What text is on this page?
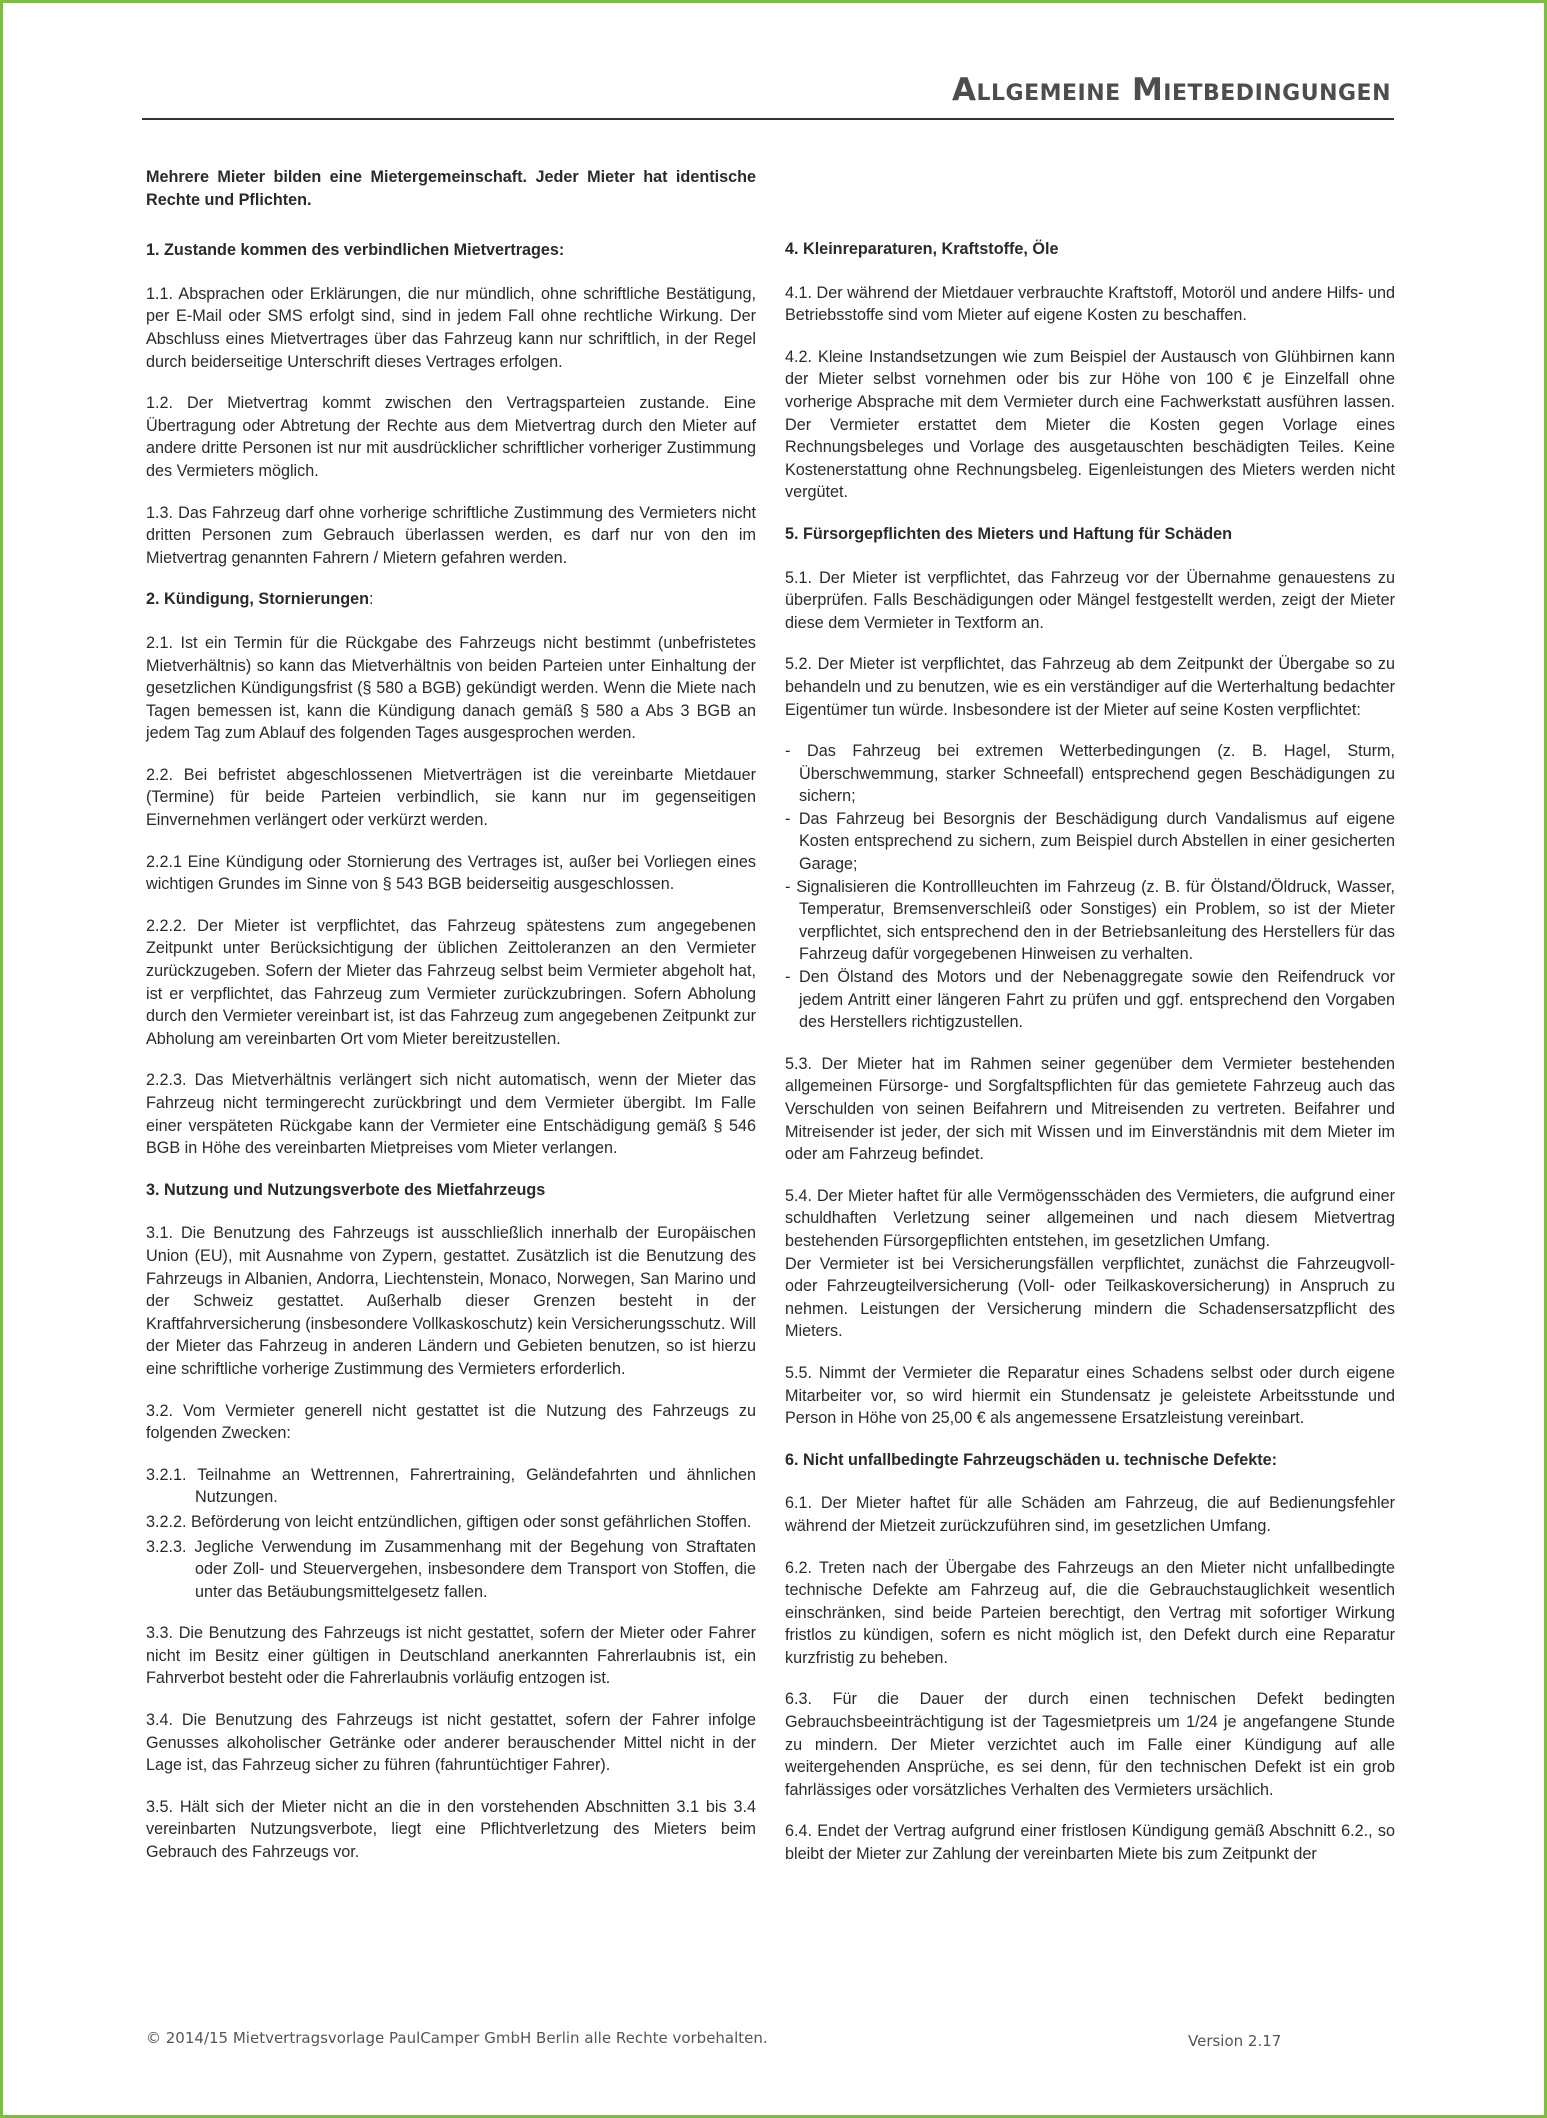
Allgemeine Mietbedingungen

Mehrere Mieter bilden eine Mietergemeinschaft. Jeder Mieter hat identische Rechte und Pflichten.

1. Zustande kommen des verbindlichen Mietvertrages:

1.1. Absprachen oder Erklärungen, die nur mündlich, ohne schriftliche Bestätigung, per E-Mail oder SMS erfolgt sind, sind in jedem Fall ohne rechtliche Wirkung. Der Abschluss eines Mietvertrages über das Fahrzeug kann nur schriftlich, in der Regel durch beiderseitige Unterschrift dieses Vertrages erfolgen.

1.2. Der Mietvertrag kommt zwischen den Vertragsparteien zustande. Eine Übertragung oder Abtretung der Rechte aus dem Mietvertrag durch den Mieter auf andere dritte Personen ist nur mit ausdrücklicher schriftlicher vorheriger Zustimmung des Vermieters möglich.

1.3. Das Fahrzeug darf ohne vorherige schriftliche Zustimmung des Vermieters nicht dritten Personen zum Gebrauch überlassen werden, es darf nur von den im Mietvertrag genannten Fahrern / Mietern gefahren werden.

2. Kündigung, Stornierungen:

2.1. Ist ein Termin für die Rückgabe des Fahrzeugs nicht bestimmt (unbefristetes Mietverhältnis) so kann das Mietverhältnis von beiden Parteien unter Einhaltung der gesetzlichen Kündigungsfrist (§ 580 a BGB) gekündigt werden. Wenn die Miete nach Tagen bemessen ist, kann die Kündigung danach gemäß § 580 a Abs 3 BGB an jedem Tag zum Ablauf des folgenden Tages ausgesprochen werden.

2.2. Bei befristet abgeschlossenen Mietverträgen ist die vereinbarte Mietdauer (Termine) für beide Parteien verbindlich, sie kann nur im gegenseitigen Einvernehmen verlängert oder verkürzt werden.

2.2.1 Eine Kündigung oder Stornierung des Vertrages ist, außer bei Vorliegen eines wichtigen Grundes im Sinne von § 543 BGB beiderseitig ausgeschlossen.

2.2.2. Der Mieter ist verpflichtet, das Fahrzeug spätestens zum angegebenen Zeitpunkt unter Berücksichtigung der üblichen Zeittoleranzen an den Vermieter zurückzugeben. Sofern der Mieter das Fahrzeug selbst beim Vermieter abgeholt hat, ist er verpflichtet, das Fahrzeug zum Vermieter zurückzubringen. Sofern Abholung durch den Vermieter vereinbart ist, ist das Fahrzeug zum angegebenen Zeitpunkt zur Abholung am vereinbarten Ort vom Mieter bereitzustellen.

2.2.3. Das Mietverhältnis verlängert sich nicht automatisch, wenn der Mieter das Fahrzeug nicht termingerecht zurückbringt und dem Vermieter übergibt. Im Falle einer verspäteten Rückgabe kann der Vermieter eine Entschädigung gemäß § 546 BGB in Höhe des vereinbarten Mietpreises vom Mieter verlangen.

3. Nutzung und Nutzungsverbote des Mietfahrzeugs

3.1. Die Benutzung des Fahrzeugs ist ausschließlich innerhalb der Europäischen Union (EU), mit Ausnahme von Zypern, gestattet. Zusätzlich ist die Benutzung des Fahrzeugs in Albanien, Andorra, Liechtenstein, Monaco, Norwegen, San Marino und der Schweiz gestattet. Außerhalb dieser Grenzen besteht in der Kraftfahrversicherung (insbesondere Vollkaskoschutz) kein Versicherungsschutz. Will der Mieter das Fahrzeug in anderen Ländern und Gebieten benutzen, so ist hierzu eine schriftliche vorherige Zustimmung des Vermieters erforderlich.

3.2. Vom Vermieter generell nicht gestattet ist die Nutzung des Fahrzeugs zu folgenden Zwecken:

3.2.1. Teilnahme an Wettrennen, Fahrertraining, Geländefahrten und ähnlichen Nutzungen.

3.2.2. Beförderung von leicht entzündlichen, giftigen oder sonst gefährlichen Stoffen.

3.2.3. Jegliche Verwendung im Zusammenhang mit der Begehung von Straftaten oder Zoll- und Steuervergehen, insbesondere dem Transport von Stoffen, die unter das Betäubungsmittelgesetz fallen.

3.3. Die Benutzung des Fahrzeugs ist nicht gestattet, sofern der Mieter oder Fahrer nicht im Besitz einer gültigen in Deutschland anerkannten Fahrerlaubnis ist, ein Fahrverbot besteht oder die Fahrerlaubnis vorläufig entzogen ist.

3.4. Die Benutzung des Fahrzeugs ist nicht gestattet, sofern der Fahrer infolge Genusses alkoholischer Getränke oder anderer berauschender Mittel nicht in der Lage ist, das Fahrzeug sicher zu führen (fahruntüchtiger Fahrer).

3.5. Hält sich der Mieter nicht an die in den vorstehenden Abschnitten 3.1 bis 3.4 vereinbarten Nutzungsverbote, liegt eine Pflichtverletzung des Mieters beim Gebrauch des Fahrzeugs vor.

4. Kleinreparaturen, Kraftstoffe, Öle

4.1. Der während der Mietdauer verbrauchte Kraftstoff, Motoröl und andere Hilfs- und Betriebsstoffe sind vom Mieter auf eigene Kosten zu beschaffen.

4.2. Kleine Instandsetzungen wie zum Beispiel der Austausch von Glühbirnen kann der Mieter selbst vornehmen oder bis zur Höhe von 100 € je Einzelfall ohne vorherige Absprache mit dem Vermieter durch eine Fachwerkstatt ausführen lassen. Der Vermieter erstattet dem Mieter die Kosten gegen Vorlage eines Rechnungsbeleges und Vorlage des ausgetauschten beschädigten Teiles. Keine Kostenerstattung ohne Rechnungsbeleg. Eigenleistungen des Mieters werden nicht vergütet.

5. Fürsorgepflichten des Mieters und Haftung für Schäden

5.1. Der Mieter ist verpflichtet, das Fahrzeug vor der Übernahme genauestens zu überprüfen. Falls Beschädigungen oder Mängel festgestellt werden, zeigt der Mieter diese dem Vermieter in Textform an.

5.2. Der Mieter ist verpflichtet, das Fahrzeug ab dem Zeitpunkt der Übergabe so zu behandeln und zu benutzen, wie es ein verständiger auf die Werterhaltung bedachter Eigentümer tun würde. Insbesondere ist der Mieter auf seine Kosten verpflichtet:

- Das Fahrzeug bei extremen Wetterbedingungen (z. B. Hagel, Sturm, Überschwemmung, starker Schneefall) entsprechend gegen Beschädigungen zu sichern;

- Das Fahrzeug bei Besorgnis der Beschädigung durch Vandalismus auf eigene Kosten entsprechend zu sichern, zum Beispiel durch Abstellen in einer gesicherten Garage;

- Signalisieren die Kontrollleuchten im Fahrzeug (z. B. für Ölstand/Öldruck, Wasser, Temperatur, Bremsenverschleiß oder Sonstiges) ein Problem, so ist der Mieter verpflichtet, sich entsprechend den in der Betriebsanleitung des Herstellers für das Fahrzeug dafür vorgegebenen Hinweisen zu verhalten.

- Den Ölstand des Motors und der Nebenaggregate sowie den Reifendruck vor jedem Antritt einer längeren Fahrt zu prüfen und ggf. entsprechend den Vorgaben des Herstellers richtigzustellen.

5.3. Der Mieter hat im Rahmen seiner gegenüber dem Vermieter bestehenden allgemeinen Fürsorge- und Sorgfaltspflichten für das gemietete Fahrzeug auch das Verschulden von seinen Beifahrern und Mitreisenden zu vertreten. Beifahrer und Mitreisender ist jeder, der sich mit Wissen und im Einverständnis mit dem Mieter im oder am Fahrzeug befindet.

5.4. Der Mieter haftet für alle Vermögensschäden des Vermieters, die aufgrund einer schuldhaften Verletzung seiner allgemeinen und nach diesem Mietvertrag bestehenden Fürsorgepflichten entstehen, im gesetzlichen Umfang.

Der Vermieter ist bei Versicherungsfällen verpflichtet, zunächst die Fahrzeugvoll- oder Fahrzeugteilversicherung (Voll- oder Teilkaskoversicherung) in Anspruch zu nehmen. Leistungen der Versicherung mindern die Schadensersatzpflicht des Mieters.

5.5. Nimmt der Vermieter die Reparatur eines Schadens selbst oder durch eigene Mitarbeiter vor, so wird hiermit ein Stundensatz je geleistete Arbeitsstunde und Person in Höhe von 25,00 € als angemessene Ersatzleistung vereinbart.

6. Nicht unfallbedingte Fahrzeugschäden u. technische Defekte:

6.1. Der Mieter haftet für alle Schäden am Fahrzeug, die auf Bedienungsfehler während der Mietzeit zurückzuführen sind, im gesetzlichen Umfang.

6.2. Treten nach der Übergabe des Fahrzeugs an den Mieter nicht unfallbedingte technische Defekte am Fahrzeug auf, die die Gebrauchstauglichkeit wesentlich einschränken, sind beide Parteien berechtigt, den Vertrag mit sofortiger Wirkung fristlos zu kündigen, sofern es nicht möglich ist, den Defekt durch eine Reparatur kurzfristig zu beheben.

6.3. Für die Dauer der durch einen technischen Defekt bedingten Gebrauchsbeeinträchtigung ist der Tagesmietpreis um 1/24 je angefangene Stunde zu mindern. Der Mieter verzichtet auch im Falle einer Kündigung auf alle weitergehenden Ansprüche, es sei denn, für den technischen Defekt ist ein grob fahrlässiges oder vorsätzliches Verhalten des Vermieters ursächlich.

6.4. Endet der Vertrag aufgrund einer fristlosen Kündigung gemäß Abschnitt 6.2., so bleibt der Mieter zur Zahlung der vereinbarten Miete bis zum Zeitpunkt der

© 2014/15 Mietvertragsvorlage PaulCamper GmbH Berlin alle Rechte vorbehalten.	Version 2.17
